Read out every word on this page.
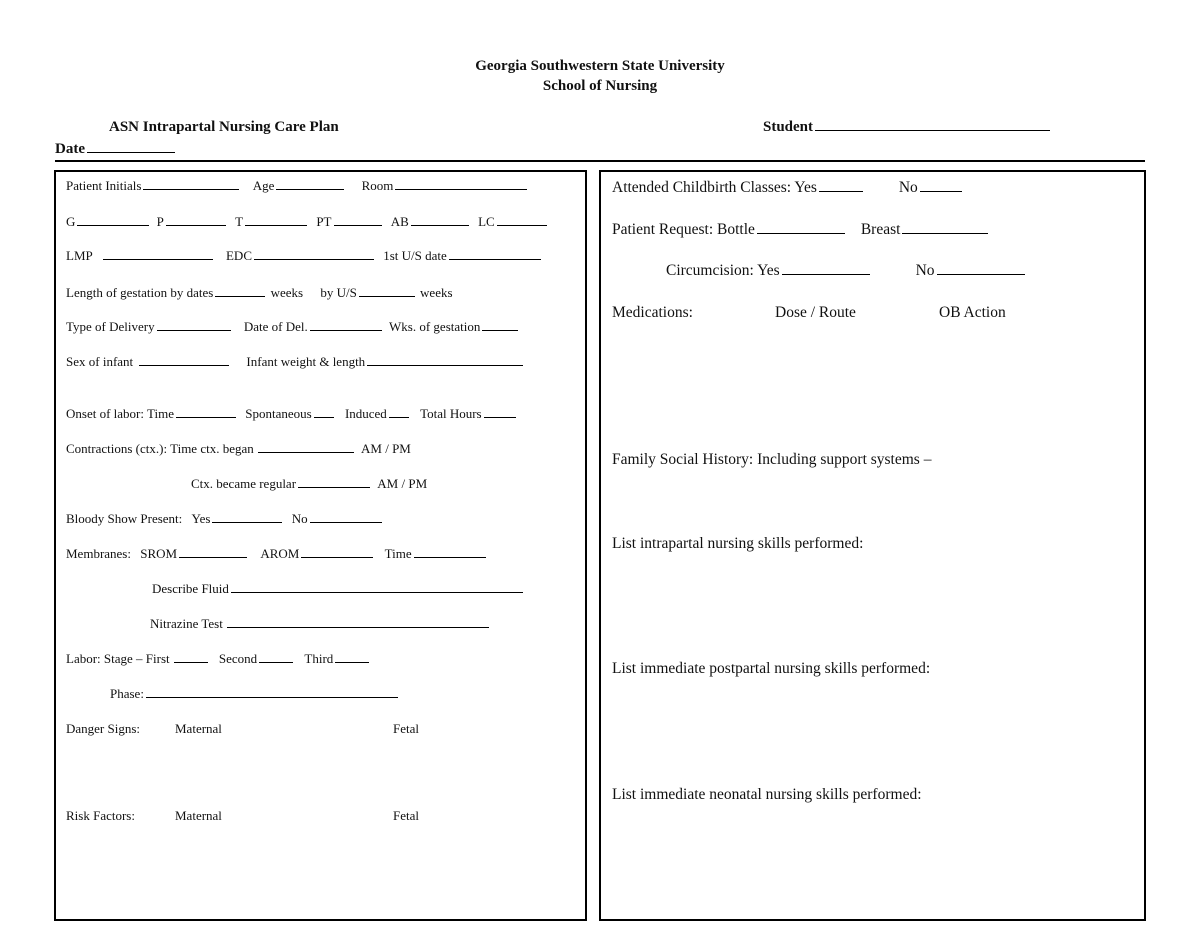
Georgia Southwestern State University
School of Nursing
ASN Intrapartal Nursing Care Plan	Student
Date
Patient Initials	Age	Room
G	P	T	PT	AB	LC
LMP	EDC	1st U/S date
Length of gestation by dates	weeks by U/S	weeks
Type of Delivery	Date of Del.	Wks. of gestation
Sex of infant	Infant weight & length
Onset of labor: Time	Spontaneous	Induced	Total Hours
Contractions (ctx.): Time ctx. began	AM / PM
Ctx. became regular	AM / PM
Bloody Show Present: Yes	No
Membranes: SROM	AROM	Time
Describe Fluid
Nitrazine Test
Labor: Stage – First	Second	Third
Phase:
Danger Signs:	Maternal	Fetal
Risk Factors:	Maternal	Fetal
Attended Childbirth Classes: Yes	No
Patient Request: Bottle	Breast
Circumcision: Yes	No
Medications:	Dose / Route	OB Action
Family Social History: Including support systems –
List intrapartal nursing skills performed:
List immediate postpartal nursing skills performed:
List immediate neonatal nursing skills performed:
